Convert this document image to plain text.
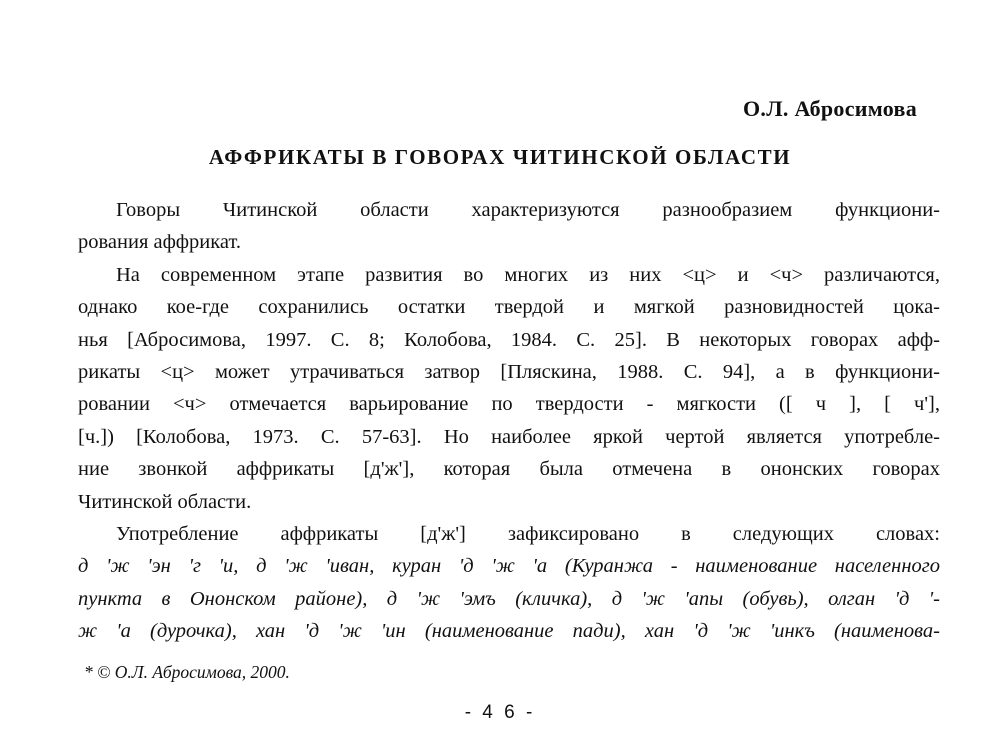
О.Л. Абросимова
АФФРИКАТЫ В ГОВОРАХ ЧИТИНСКОЙ ОБЛАСТИ
Говоры Читинской области характеризуются разнообразием функциони-
рования аффрикат.
На современном этапе развития во многих из них <ц> и <ч> различаются,
однако кое-где сохранились остатки твердой и мягкой разновидностей цока-
нья [Абросимова, 1997. С. 8; Колобова, 1984. С. 25]. В некоторых говорах афф-
рикаты <ц> может утрачиваться затвор [Пляскина, 1988. С. 94], а в функциони-
ровании <ч> отмечается варьирование по твердости - мягкости ([ ч ], [ ч'],
[ч.]) [Колобова, 1973. С. 57-63]. Но наиболее яркой чертой является употребле-
ние звонкой аффрикаты [д'ж'], которая была отмечена в ононских говорах
Читинской области.
Употребление аффрикаты [д'ж'] зафиксировано в следующих словах:
д 'ж 'эн 'г 'и, д 'ж 'иван, куран 'д 'ж 'а (Куранжа - наименование населенного
пункта в Ононском районе), д 'ж 'эмъ (кличка), д 'ж 'апы (обувь), олган 'д '-
ж 'а (дурочка), хан 'д 'ж 'ин (наименование пади), хан 'д 'ж 'инкъ (наименова-
* © О.Л. Абросимова, 2000.
- 4 6 -
